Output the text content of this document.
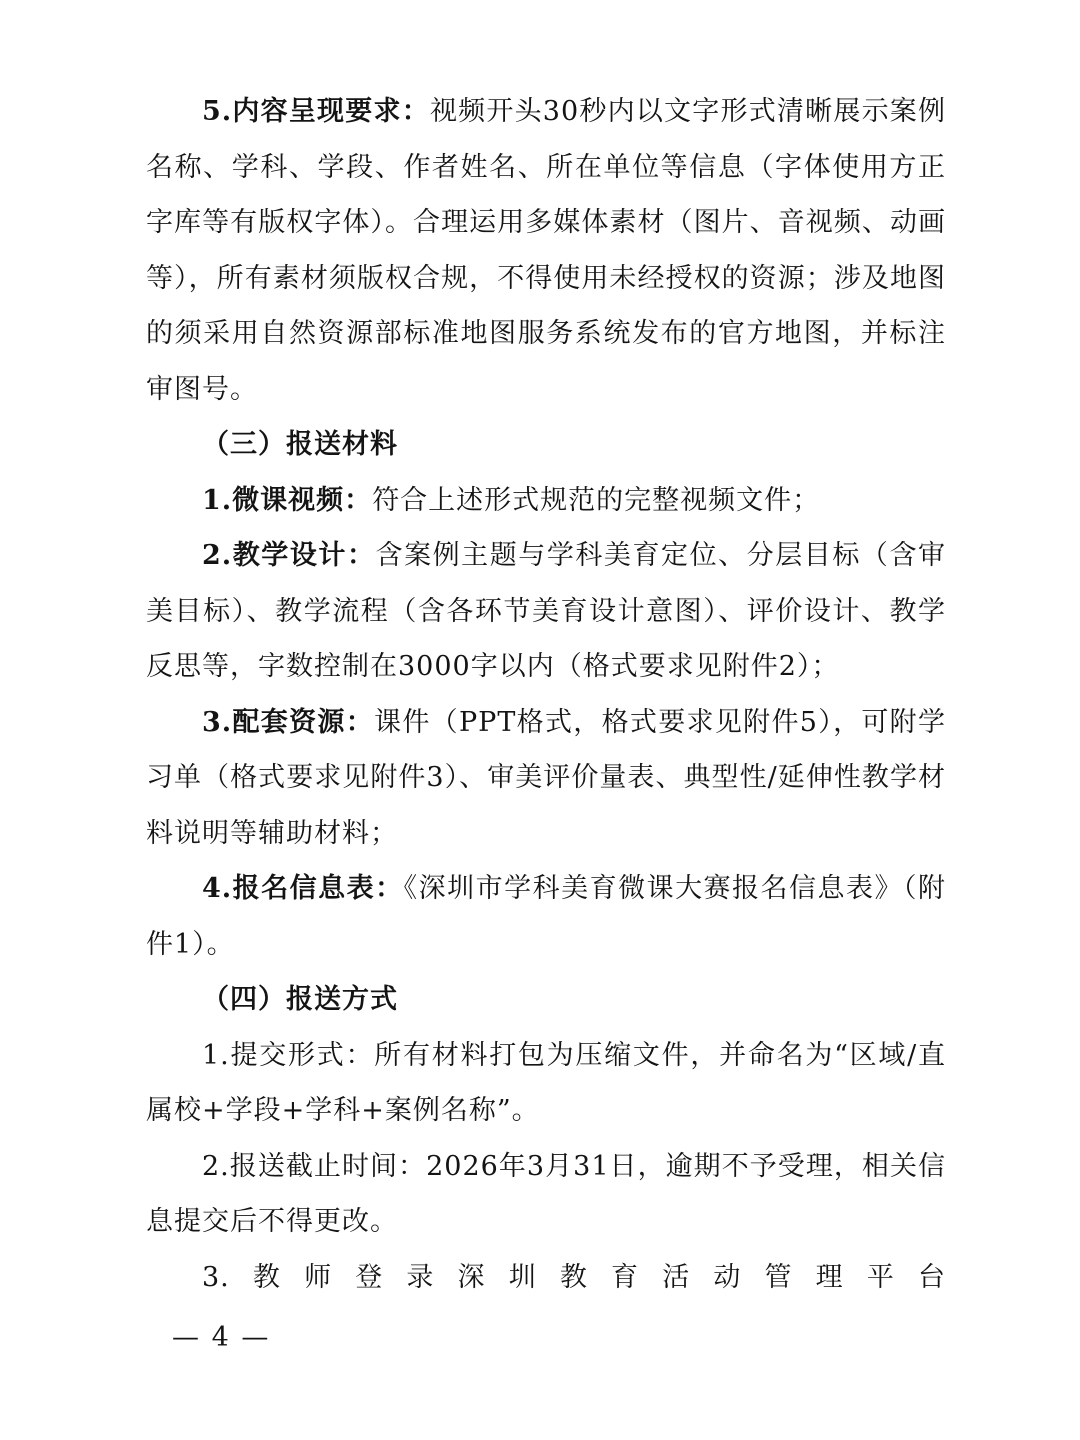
5.内容呈现要求：视频开头30秒内以文字形式清晰展示案例名称、学科、学段、作者姓名、所在单位等信息（字体使用方正字库等有版权字体）。合理运用多媒体素材（图片、音视频、动画等），所有素材须版权合规，不得使用未经授权的资源；涉及地图的须采用自然资源部标准地图服务系统发布的官方地图，并标注审图号。

（三）报送材料

1.微课视频：符合上述形式规范的完整视频文件；

2.教学设计：含案例主题与学科美育定位、分层目标（含审美目标）、教学流程（含各环节美育设计意图）、评价设计、教学反思等，字数控制在3000字以内（格式要求见附件2）；

3.配套资源：课件（PPT格式，格式要求见附件5），可附学习单（格式要求见附件3）、审美评价量表、典型性/延伸性教学材料说明等辅助材料；

4.报名信息表：《深圳市学科美育微课大赛报名信息表》（附件1）。

（四）报送方式

1.提交形式：所有材料打包为压缩文件，并命名为“区域/直属校+学段+学科+案例名称”。

2.报送截止时间：2026年3月31日，逾期不予受理，相关信息提交后不得更改。

3.教师登录深圳教育活动管理平台

— 4 —
